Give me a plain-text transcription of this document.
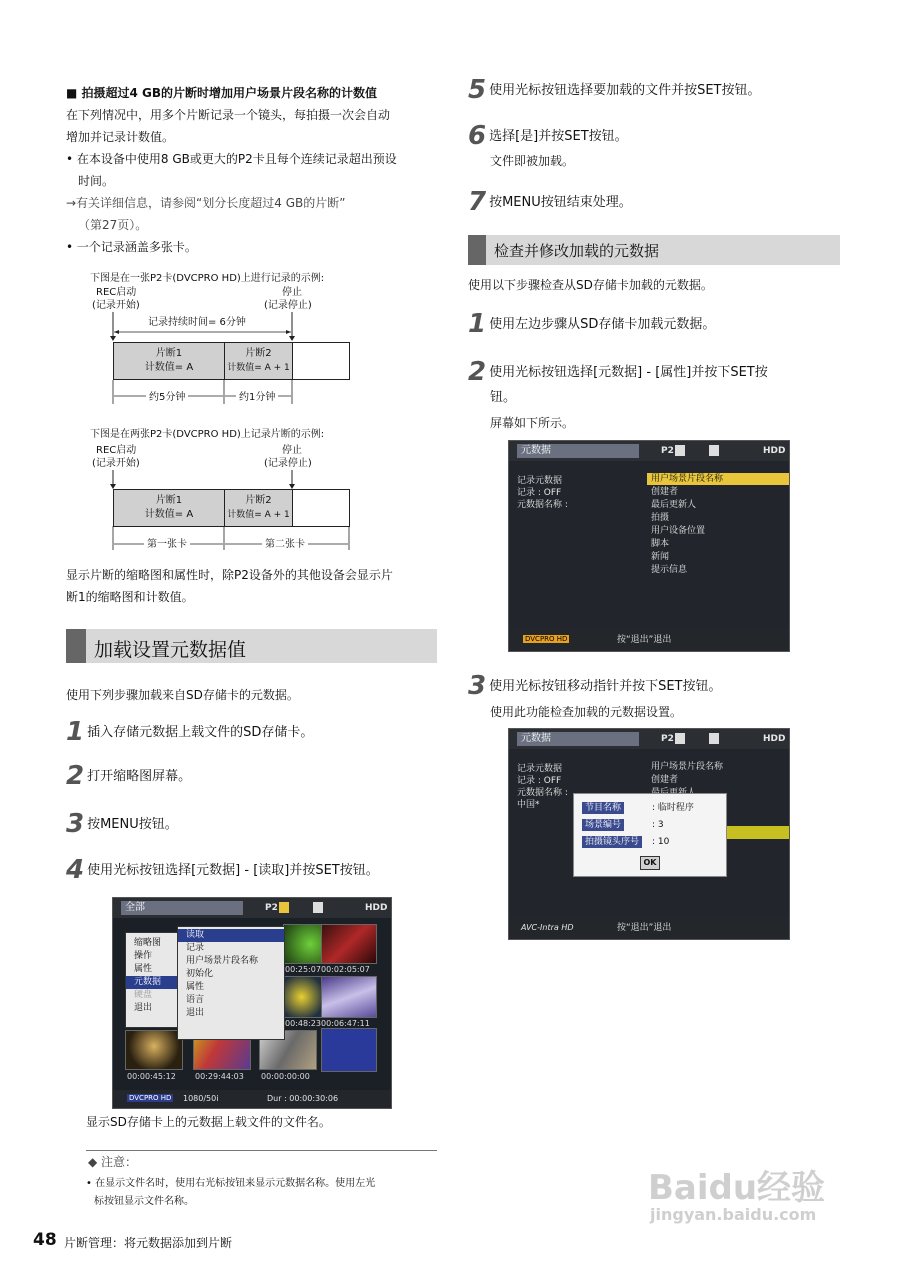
■ 拍摄超过4 GB的片断时增加用户场景片段名称的计数值
在下列情况中，用多个片断记录一个镜头，每拍摄一次会自动
增加并记录计数值。
• 在本设备中使用8 GB或更大的P2卡且每个连续记录超出预设
时间。
→有关详细信息，请参阅“划分长度超过4 GB的片断”
（第27页）。
• 一个记录涵盖多张卡。
下图是在一张P2卡(DVCPRO HD)上进行记录的示例:
REC启动
(记录开始)
停止
(记录停止)
记录持续时间= 6分钟
片断1
计数值= A
片断2
计数值= A + 1
约5分钟	约1分钟
下图是在两张P2卡(DVCPRO HD)上记录片断的示例:
REC启动
(记录开始)
停止
(记录停止)
片断1
计数值= A
片断2
计数值= A + 1
第一张卡	第二张卡
显示片断的缩略图和属性时，除P2设备外的其他设备会显示片
断1的缩略图和计数值。
加载设置元数据值
使用下列步骤加载来自SD存储卡的元数据。
1 插入存储元数据上载文件的SD存储卡。
2 打开缩略图屏幕。
3 按MENU按钮。
4 使用光标按钮选择[元数据] - [读取]并按SET按钮。
全部	P2	HDD
00:25:07 00:02:05:07
00:48:23 00:06:47:11
00:00:45:12 00:29:44:03 00:00:00:00
缩略图
操作
属性
元数据
硬盘
退出
读取
记录
用户场景片段名称
初始化
属性
语言
退出
DVCPRO HD 1080/50i	Dur : 00:00:30:06
显示SD存储卡上的元数据上载文件的文件名。
◆ 注意：
• 在显示文件名时，使用右光标按钮来显示元数据名称。使用左光
标按钮显示文件名称。
5 使用光标按钮选择要加载的文件并按SET按钮。
6 选择[是]并按SET按钮。
文件即被加载。
7 按MENU按钮结束处理。
检查并修改加载的元数据
使用以下步骤检查从SD存储卡加载的元数据。
1 使用左边步骤从SD存储卡加载元数据。
2 使用光标按钮选择[元数据] - [属性]并按下SET按
钮。
屏幕如下所示。
元数据	P2	HDD
记录元数据
记录 : OFF
元数据名称 :
用户场景片段名称
创建者
最后更新人
拍摄
用户设备位置
脚本
新闻
提示信息
DVCPRO HD	按“退出”退出
3 使用光标按钮移动指针并按下SET按钮。
使用此功能检查加载的元数据设置。
元数据	P2	HDD
记录元数据
记录 : OFF
元数据名称 :
中国*
用户场景片段名称
创建者
节目名称	: 临时程序
场景编号	: 3
拍摄镜头序号	: 10
OK
AVC-Intra HD	按“退出”退出
Baidu经验
jingyan.baidu.com
48 片断管理：将元数据添加到片断
